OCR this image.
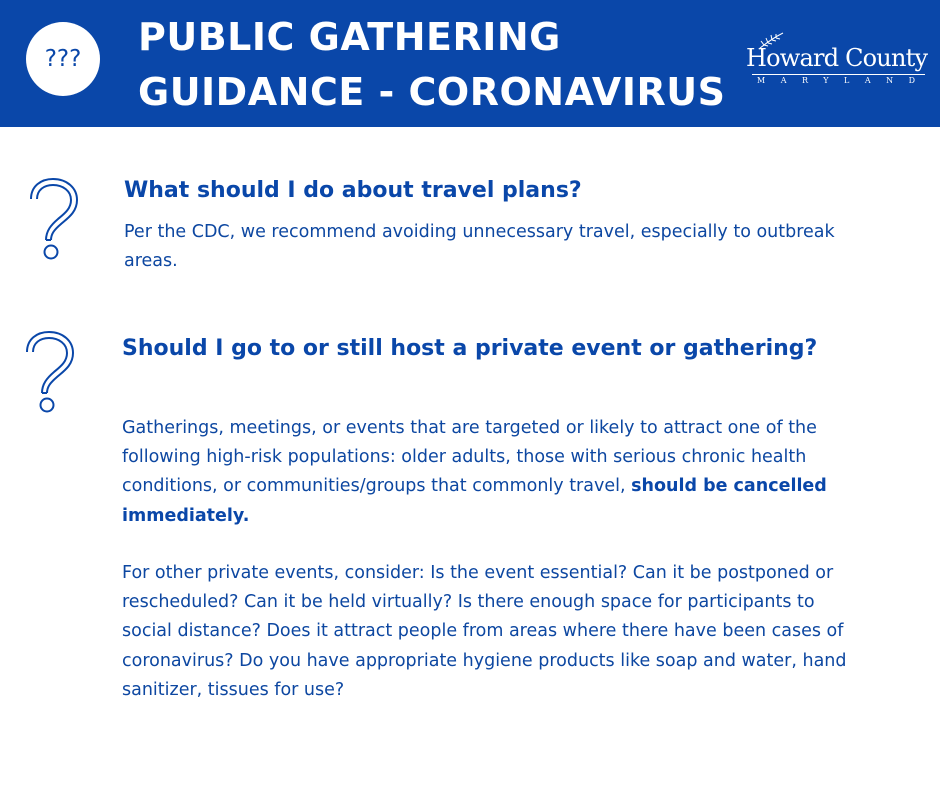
??? PUBLIC GATHERING
GUIDANCE - CORONAVIRUS
Howard County
MARYLAND
What should I do about travel plans?

Per the CDC, we recommend avoiding unnecessary travel, especially to outbreak areas.

Should I go to or still host a private event or gathering?

Gatherings, meetings, or events that are targeted or likely to attract one of the following high-risk populations: older adults, those with serious chronic health conditions, or communities/groups that commonly travel, should be cancelled immediately.

For other private events, consider: Is the event essential? Can it be postponed or rescheduled? Can it be held virtually? Is there enough space for participants to social distance? Does it attract people from areas where there have been cases of coronavirus? Do you have appropriate hygiene products like soap and water, hand sanitizer, tissues for use?
